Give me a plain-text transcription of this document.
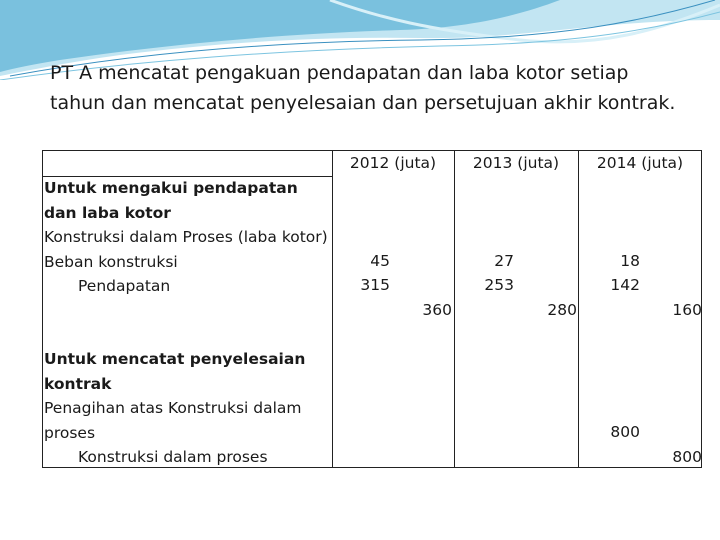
PT A mencatat pengakuan pendapatan dan laba kotor setiap
tahun dan mencatat penyelesaian dan persetujuan akhir kontrak.

2012 (juta)	2013 (juta)	2014 (juta)
Untuk mengakui pendapatan dan laba kotor
Konstruksi dalam Proses (laba kotor)
Beban konstruksi
Pendapatan
Untuk mencatat penyelesaian kontrak
Penagihan atas Konstruksi dalam proses
Konstruksi dalam proses
45
315
360
27
253
280
18
142
160
800
800
